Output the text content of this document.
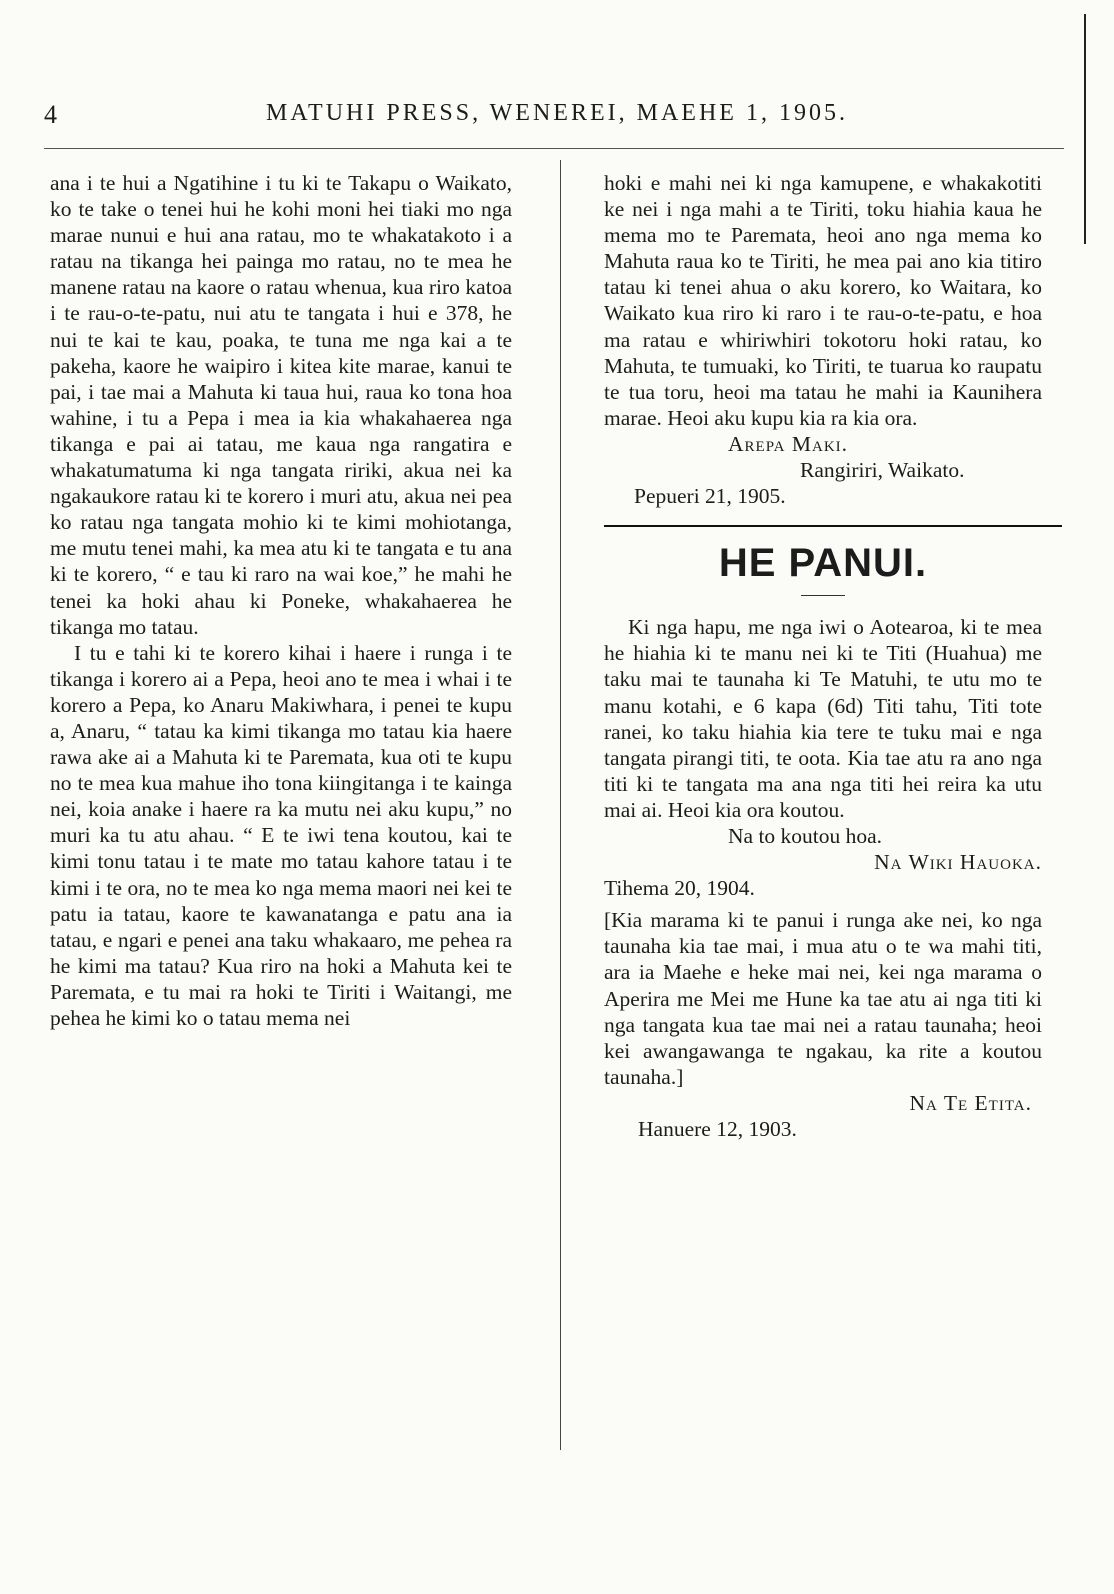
4	MATUHI PRESS, WENEREI, MAEHE 1, 1905.

ana i te hui a Ngatihine i tu ki te Takapu o Waikato, ko te take o tenei hui he kohi moni hei tiaki mo nga marae nunui e hui ana ratau, mo te whakatakoto i a ratau na tikanga hei painga mo ratau, no te mea he manene ratau na kaore o ratau whenua, kua riro katoa i te rau-o-te-patu, nui atu te tangata i hui e 378, he nui te kai te kau, poaka, te tuna me nga kai a te pakeha, kaore he waipiro i kitea kite marae, kanui te pai, i tae mai a Mahuta ki taua hui, raua ko tona hoa wahine, i tu a Pepa i mea ia kia whakahaerea nga tikanga e pai ai tatau, me kaua nga rangatira e whakatumatuma ki nga tangata ririki, akua nei ka ngakaukore ratau ki te korero i muri atu, akua nei pea ko ratau nga tangata mohio ki te kimi mohiotanga, me mutu tenei mahi, ka mea atu ki te tangata e tu ana ki te korero, “ e tau ki raro na wai koe,” he mahi he tenei ka hoki ahau ki Poneke, whakahaerea he tikanga mo tatau.

I tu e tahi ki te korero kihai i haere i runga i te tikanga i korero ai a Pepa, heoi ano te mea i whai i te korero a Pepa, ko Anaru Makiwhara, i penei te kupu a, Anaru, “ tatau ka kimi tikanga mo tatau kia haere rawa ake ai a Mahuta ki te Paremata, kua oti te kupu no te mea kua mahue iho tona kiingitanga i te kainga nei, koia anake i haere ra ka mutu nei aku kupu,” no muri ka tu atu ahau. “ E te iwi tena koutou, kai te kimi tonu tatau i te mate mo tatau kahore tatau i te kimi i te ora, no te mea ko nga mema maori nei kei te patu ia tatau, kaore te kawanatanga e patu ana ia tatau, e ngari e penei ana taku whakaaro, me pehea ra he kimi ma tatau? Kua riro na hoki a Mahuta kei te Paremata, e tu mai ra hoki te Tiriti i Waitangi, me pehea he kimi ko o tatau mema nei

hoki e mahi nei ki nga kamupene, e whakakotiti ke nei i nga mahi a te Tiriti, toku hiahia kaua he mema mo te Paremata, heoi ano nga mema ko Mahuta raua ko te Tiriti, he mea pai ano kia titiro tatau ki tenei ahua o aku korero, ko Waitara, ko Waikato kua riro ki raro i te rau-o-te-patu, e hoa ma ratau e whiriwhiri tokotoru hoki ratau, ko Mahuta, te tumuaki, ko Tiriti, te tuarua ko raupatu te tua toru, heoi ma tatau he mahi ia Kaunihera marae. Heoi aku kupu kia ra kia ora.

Arepa Maki.
Rangiriri, Waikato.
Pepueri 21, 1905.
HE PANUI.

Ki nga hapu, me nga iwi o Aotearoa, ki te mea he hiahia ki te manu nei ki te Titi (Huahua) me taku mai te taunaha ki Te Matuhi, te utu mo te manu kotahi, e 6 kapa (6d) Titi tahu, Titi tote ranei, ko taku hiahia kia tere te tuku mai e nga tangata pirangi titi, te oota. Kia tae atu ra ano nga titi ki te tangata ma ana nga titi hei reira ka utu mai ai. Heoi kia ora koutou.

Na to koutou hoa.
Na Wiki Hauoka.
Tihema 20, 1904.

[Kia marama ki te panui i runga ake nei, ko nga taunaha kia tae mai, i mua atu o te wa mahi titi, ara ia Maehe e heke mai nei, kei nga marama o Aperira me Mei me Hune ka tae atu ai nga titi ki nga tangata kua tae mai nei a ratau taunaha; heoi kei awangawanga te ngakau, ka rite a koutou taunaha.]

Na Te Etita.
Hanuere 12, 1903.
